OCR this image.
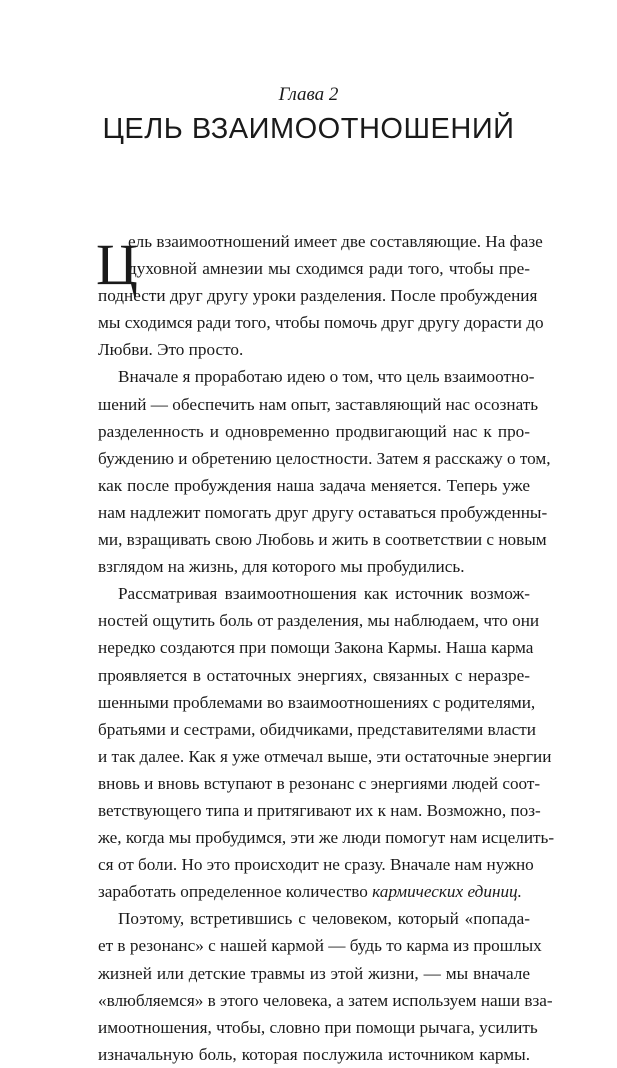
Глава 2
ЦЕЛЬ ВЗАИМООТНОШЕНИЙ
Ц
ель взаимоотношений имеет две составляющие. На фазе
духовной амнезии мы сходимся ради того, чтобы пре-
поднести друг другу уроки разделения. После пробуждения
мы сходимся ради того, чтобы помочь друг другу дорасти до
Любви. Это просто.
Вначале я проработаю идею о том, что цель взаимоотно-
шений — обеспечить нам опыт, заставляющий нас осознать
разделенность и одновременно продвигающий нас к про-
буждению и обретению целостности. Затем я расскажу о том,
как после пробуждения наша задача меняется. Теперь уже
нам надлежит помогать друг другу оставаться пробужденны-
ми, взращивать свою Любовь и жить в соответствии с новым
взглядом на жизнь, для которого мы пробудились.
Рассматривая взаимоотношения как источник возмож-
ностей ощутить боль от разделения, мы наблюдаем, что они
нередко создаются при помощи Закона Кармы. Наша карма
проявляется в остаточных энергиях, связанных с неразре-
шенными проблемами во взаимоотношениях с родителями,
братьями и сестрами, обидчиками, представителями власти
и так далее. Как я уже отмечал выше, эти остаточные энергии
вновь и вновь вступают в резонанс с энергиями людей соот-
ветствующего типа и притягивают их к нам. Возможно, поз-
же, когда мы пробудимся, эти же люди помогут нам исцелить-
ся от боли. Но это происходит не сразу. Вначале нам нужно
заработать определенное количество кармических единиц.
Поэтому, встретившись с человеком, который «попада-
ет в резонанс» с нашей кармой — будь то карма из прошлых
жизней или детские травмы из этой жизни, — мы вначале
«влюбляемся» в этого человека, а затем используем наши вза-
имоотношения, чтобы, словно при помощи рычага, усилить
изначальную боль, которая послужила источником кармы.
